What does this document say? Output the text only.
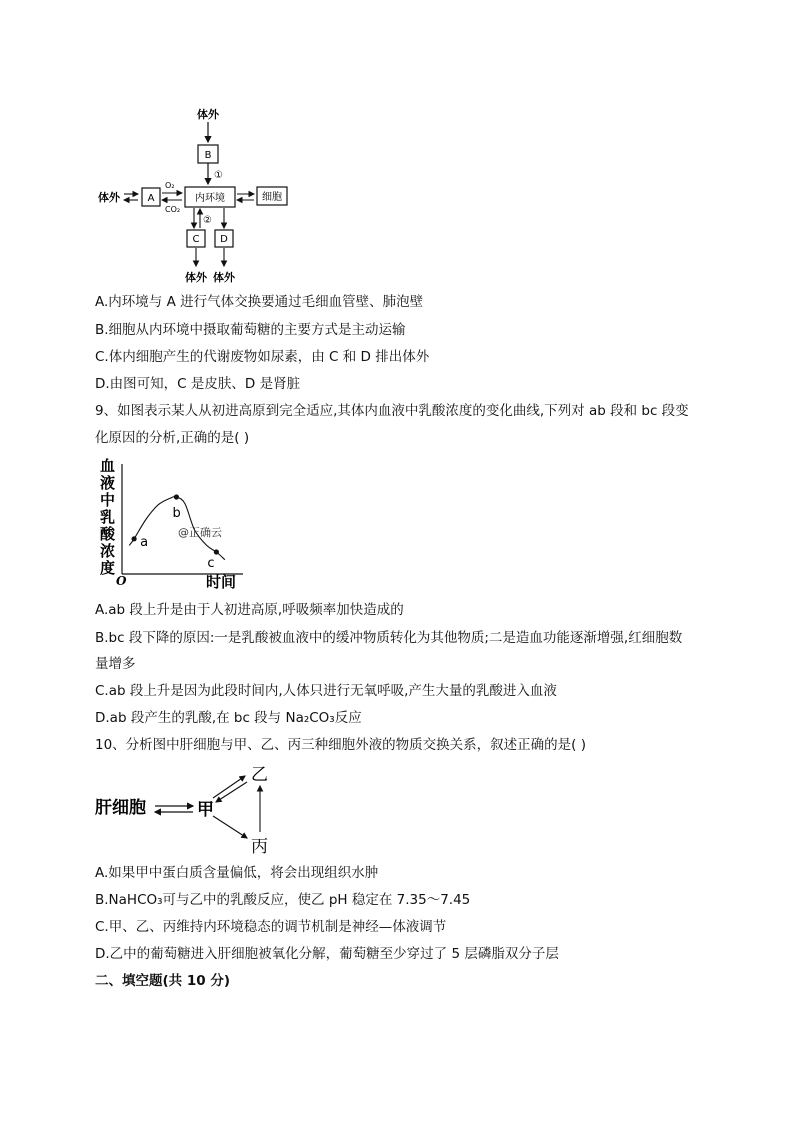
体外
B
①
体外	A
O₂
CO₂
内环境	细胞
②
C D
体外 体外
A.内环境与 A 进行气体交换要通过毛细血管壁、肺泡壁
B.细胞从内环境中摄取葡萄糖的主要方式是主动运输
C.体内细胞产生的代谢废物如尿素，由 C 和 D 排出体外
D.由图可知，C 是皮肤、D 是肾脏
9、如图表示某人从初进高原到完全适应,其体内血液中乳酸浓度的变化曲线,下列对 ab 段和 bc 段变
化原因的分析,正确的是( )
血
液
中
乳
酸
浓
度
O	时间
a
b
c
@正确云
A.ab 段上升是由于人初进高原,呼吸频率加快造成的
B.bc 段下降的原因:一是乳酸被血液中的缓冲物质转化为其他物质;二是造血功能逐渐增强,红细胞数
量增多
C.ab 段上升是因为此段时间内,人体只进行无氧呼吸,产生大量的乳酸进入血液
D.ab 段产生的乳酸,在 bc 段与 Na₂CO₃反应
10、分析图中肝细胞与甲、乙、丙三种细胞外液的物质交换关系，叙述正确的是( )
肝细胞	甲
乙
丙
A.如果甲中蛋白质含量偏低，将会出现组织水肿
B.NaHCO₃可与乙中的乳酸反应，使乙 pH 稳定在 7.35～7.45
C.甲、乙、丙维持内环境稳态的调节机制是神经—体液调节
D.乙中的葡萄糖进入肝细胞被氧化分解，葡萄糖至少穿过了 5 层磷脂双分子层
二、填空题(共 10 分)
